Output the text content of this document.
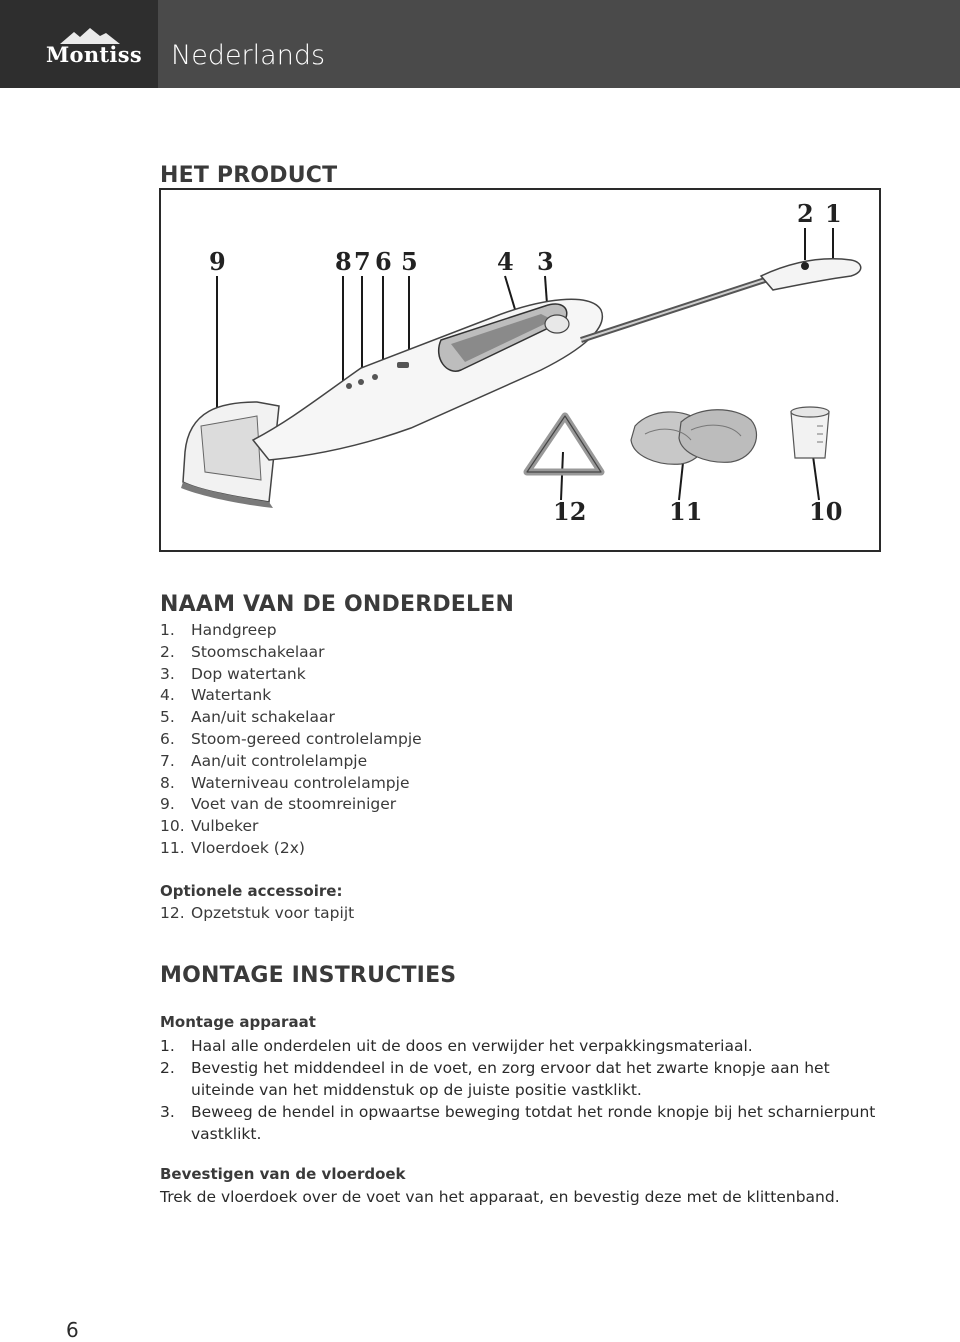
Montiss Nederlands
HET PRODUCT
9	8 7 6 5	4 3
2 1
12	11	10
NAAM VAN DE ONDERDELEN
1. Handgreep
2. Stoomschakelaar
3. Dop watertank
4. Watertank
5. Aan/uit schakelaar
6. Stoom-gereed controlelampje
7. Aan/uit controlelampje
8. Waterniveau controlelampje
9. Voet van de stoomreiniger
10. Vulbeker
11. Vloerdoek (2x)

Optionele accessoire:

12. Opzetstuk voor tapijt
MONTAGE INSTRUCTIES

Montage apparaat

1.	Haal alle onderdelen uit de doos en verwijder het verpakkingsmateriaal.
2.	Bevestig het middendeel in de voet, en zorg ervoor dat het zwarte knopje aan het uiteinde van het middenstuk op de juiste positie vastklikt.
3.	Beweeg de hendel in opwaartse beweging totdat het ronde knopje bij het scharnierpunt vastklikt.

Bevestigen van de vloerdoek

Trek de vloerdoek over de voet van het apparaat, en bevestig deze met de klittenband.

6
